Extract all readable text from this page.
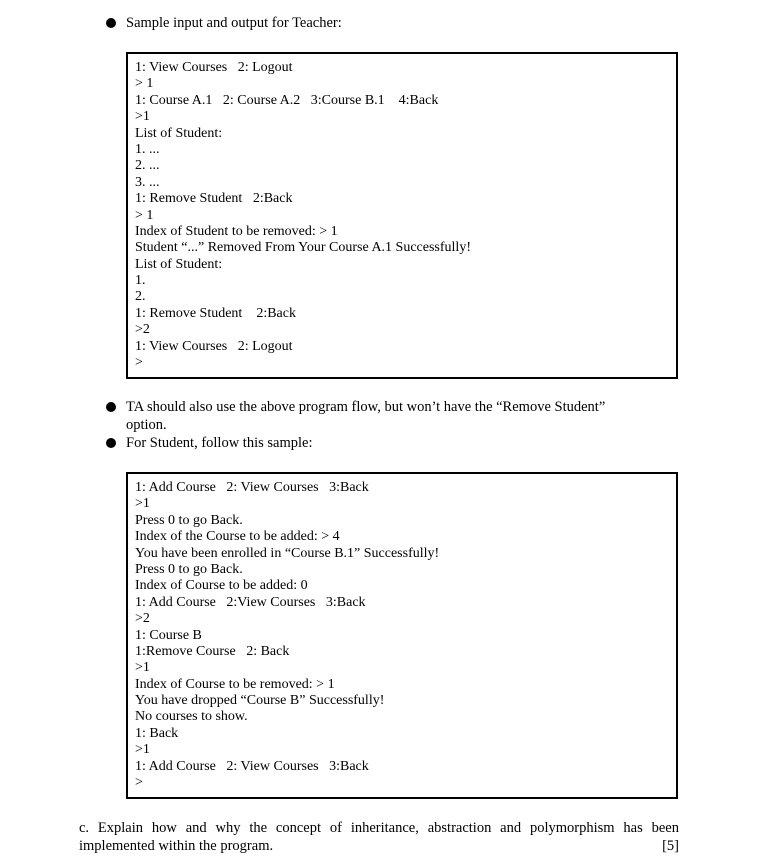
Sample input and output for Teacher:
1: View Courses   2: Logout
> 1
1: Course A.1   2: Course A.2   3:Course B.1    4:Back
>1
List of Student:
1. ...
2. ...
3. ...
1: Remove Student   2:Back
> 1
Index of Student to be removed: > 1
Student “...” Removed From Your Course A.1 Successfully!
List of Student:
1.
2.
1: Remove Student    2:Back
>2
1: View Courses   2: Logout
>
TA should also use the above program flow, but won’t have the “Remove Student”
option.
For Student, follow this sample:
1: Add Course   2: View Courses   3:Back
>1
Press 0 to go Back.
Index of the Course to be added: > 4
You have been enrolled in “Course B.1” Successfully!
Press 0 to go Back.
Index of Course to be added: 0
1: Add Course   2:View Courses   3:Back
>2
1: Course B
1:Remove Course   2: Back
>1
Index of Course to be removed: > 1
You have dropped “Course B” Successfully!
No courses to show.
1: Back
>1
1: Add Course   2: View Courses   3:Back
>
c. Explain how and why the concept of inheritance, abstraction and polymorphism has been implemented within the program.	[5]
